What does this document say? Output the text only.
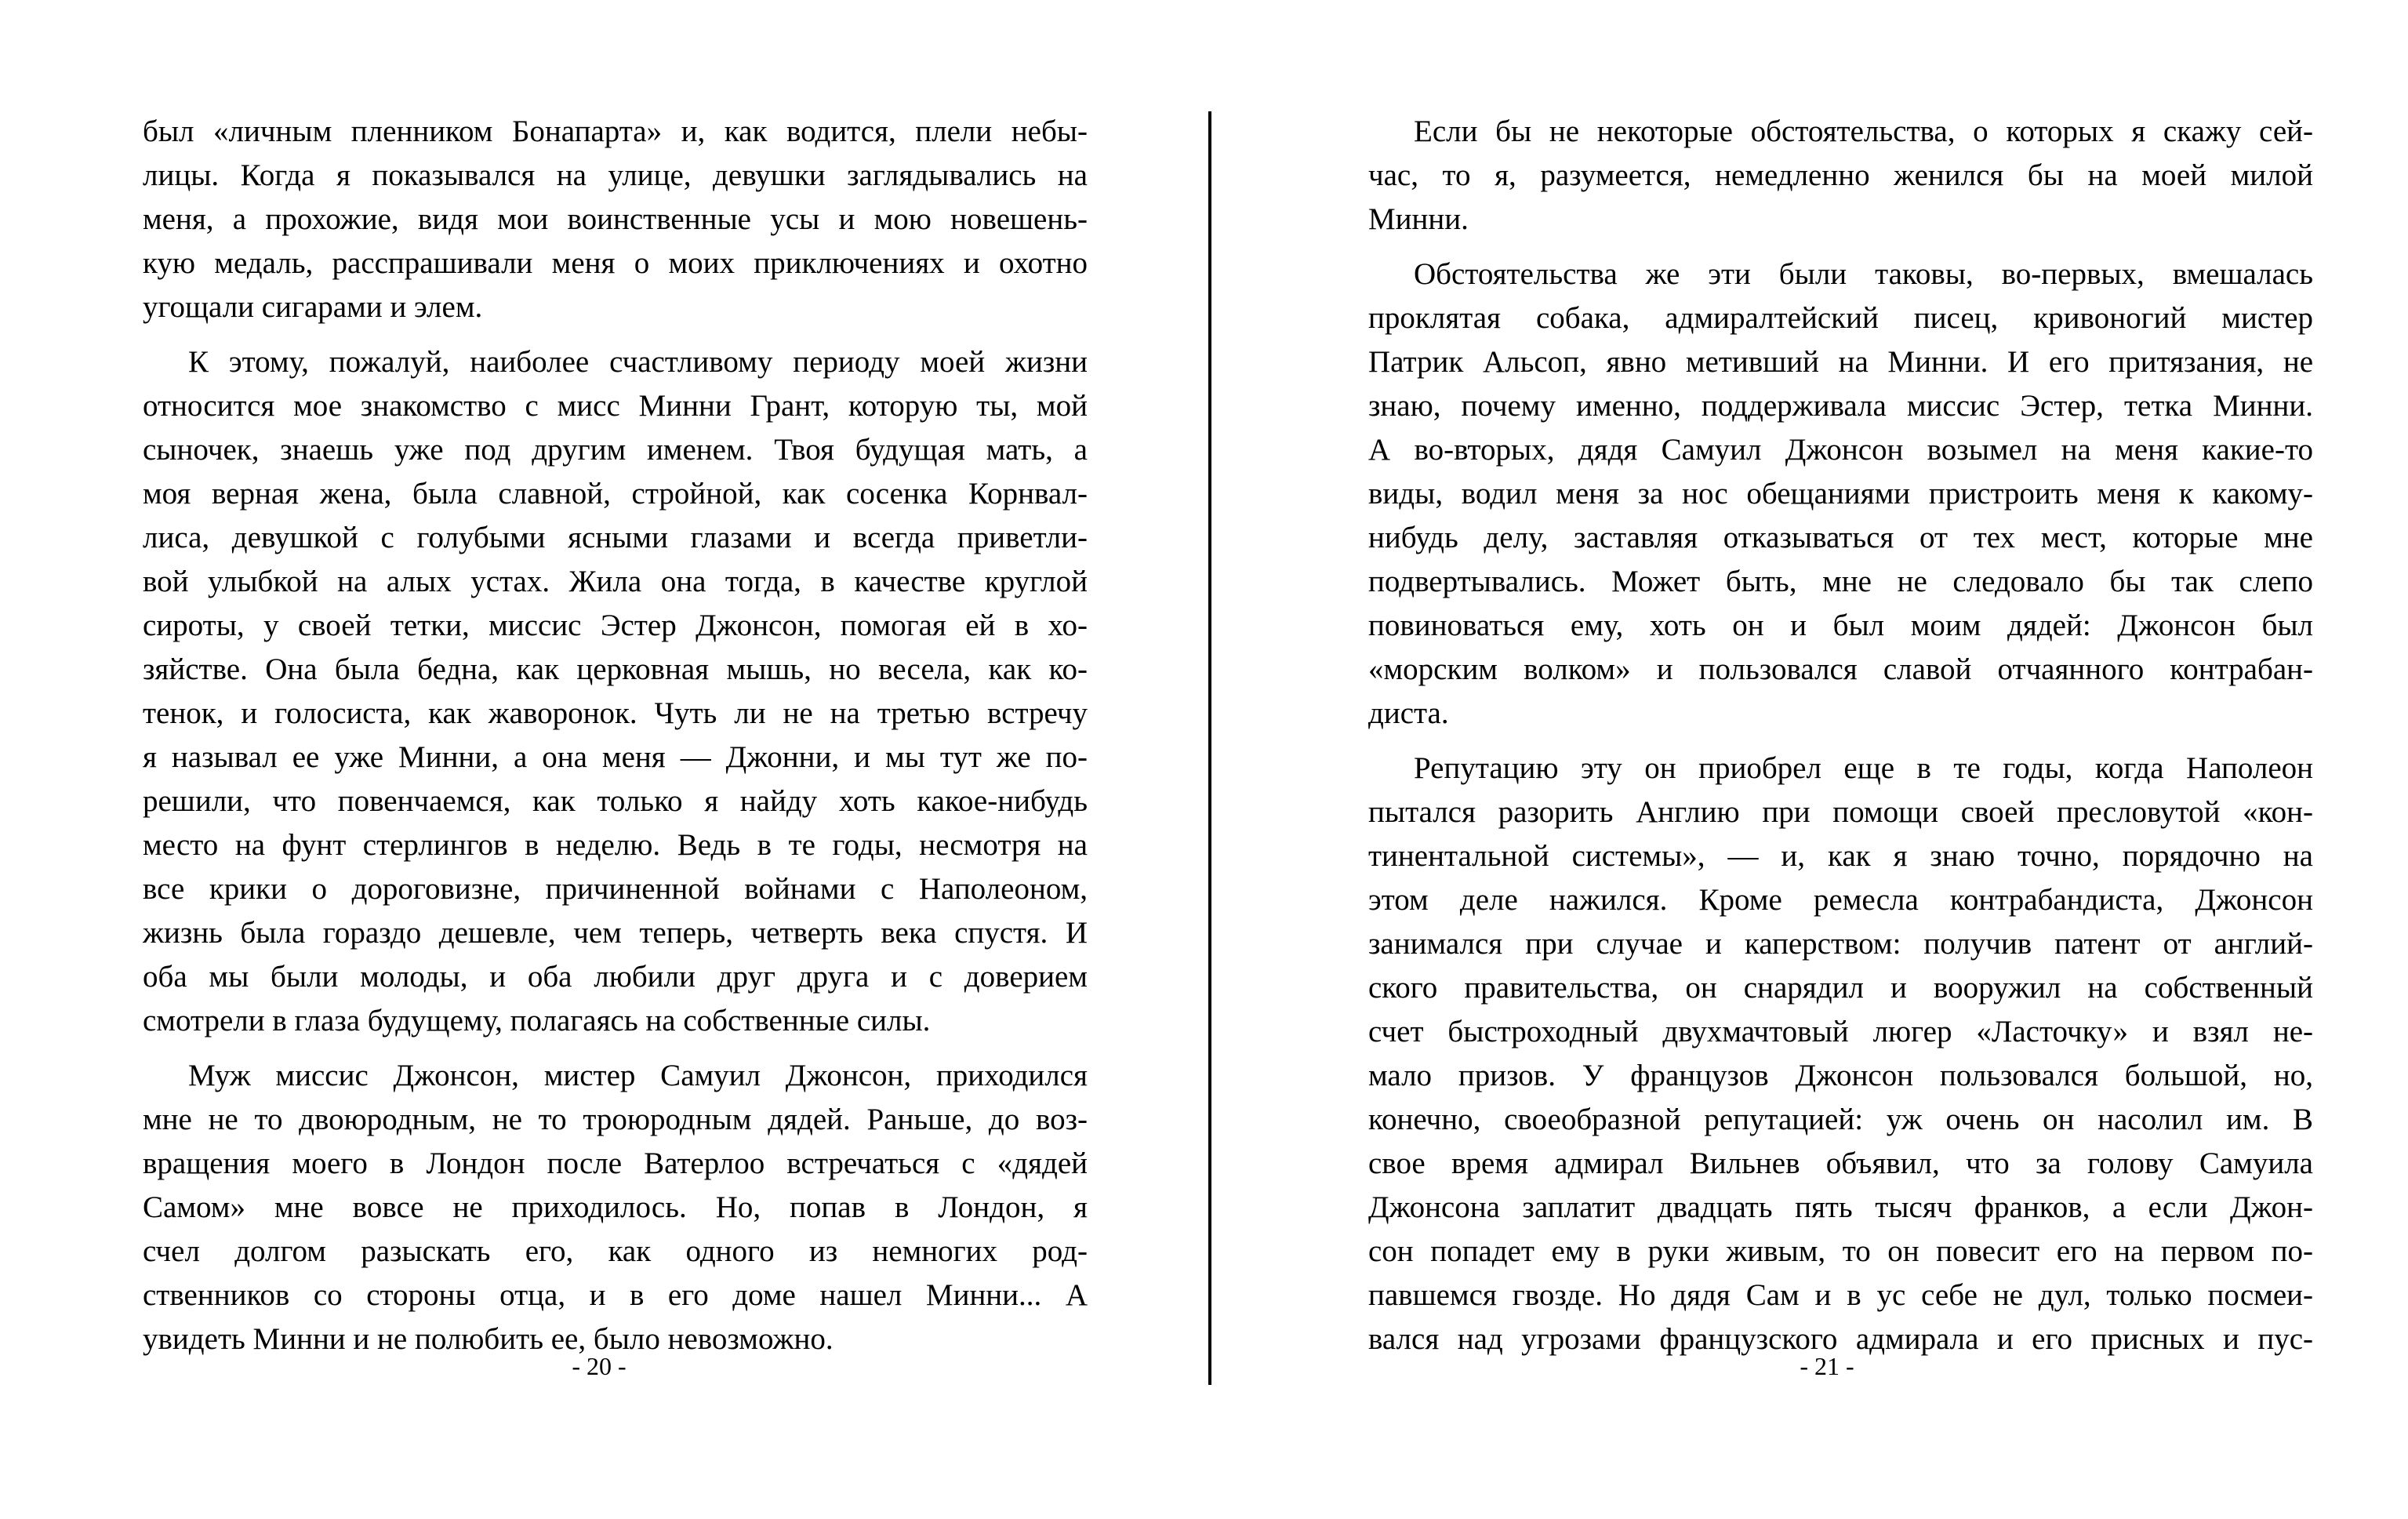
был «личным пленником Бонапарта» и, как водится, плели небы-
лицы. Когда я показывался на улице, девушки заглядывались на
меня, а прохожие, видя мои воинственные усы и мою новешень-
кую медаль, расспрашивали меня о моих приключениях и охотно
угощали сигарами и элем.
К этому, пожалуй, наиболее счастливому периоду моей жизни
относится мое знакомство с мисс Минни Грант, которую ты, мой
сыночек, знаешь уже под другим именем. Твоя будущая мать, а
моя верная жена, была славной, стройной, как сосенка Корнвал-
лиса, девушкой с голубыми ясными глазами и всегда приветли-
вой улыбкой на алых устах. Жила она тогда, в качестве круглой
сироты, у своей тетки, миссис Эстер Джонсон, помогая ей в хо-
зяйстве. Она была бедна, как церковная мышь, но весела, как ко-
тенок, и голосиста, как жаворонок. Чуть ли не на третью встречу
я называл ее уже Минни, а она меня — Джонни, и мы тут же по-
решили, что повенчаемся, как только я найду хоть какое-нибудь
место на фунт стерлингов в неделю. Ведь в те годы, несмотря на
все крики о дороговизне, причиненной войнами с Наполеоном,
жизнь была гораздо дешевле, чем теперь, четверть века спустя. И
оба мы были молоды, и оба любили друг друга и с доверием
смотрели в глаза будущему, полагаясь на собственные силы.
Муж миссис Джонсон, мистер Самуил Джонсон, приходился
мне не то двоюродным, не то троюродным дядей. Раньше, до воз-
вращения моего в Лондон после Ватерлоо встречаться с «дядей
Самом» мне вовсе не приходилось. Но, попав в Лондон, я
счел долгом разыскать его, как одного из немногих род-
ственников со стороны отца, и в его доме нашел Минни... А
увидеть Минни и не полюбить ее, было невозможно.
- 20 -
Если бы не некоторые обстоятельства, о которых я скажу сей-
час, то я, разумеется, немедленно женился бы на моей милой
Минни.
Обстоятельства же эти были таковы, во-первых, вмешалась
проклятая собака, адмиралтейский писец, кривоногий мистер
Патрик Альсоп, явно метивший на Минни. И его притязания, не
знаю, почему именно, поддерживала миссис Эстер, тетка Минни.
А во-вторых, дядя Самуил Джонсон возымел на меня какие-то
виды, водил меня за нос обещаниями пристроить меня к какому-
нибудь делу, заставляя отказываться от тех мест, которые мне
подвертывались. Может быть, мне не следовало бы так слепо
повиноваться ему, хоть он и был моим дядей: Джонсон был
«морским волком» и пользовался славой отчаянного контрабан-
диста.
Репутацию эту он приобрел еще в те годы, когда Наполеон
пытался разорить Англию при помощи своей пресловутой «кон-
тинентальной системы», — и, как я знаю точно, порядочно на
этом деле нажился. Кроме ремесла контрабандиста, Джонсон
занимался при случае и каперством: получив патент от англий-
ского правительства, он снарядил и вооружил на собственный
счет быстроходный двухмачтовый люгер «Ласточку» и взял не-
мало призов. У французов Джонсон пользовался большой, но,
конечно, своеобразной репутацией: уж очень он насолил им. В
свое время адмирал Вильнев объявил, что за голову Самуила
Джонсона заплатит двадцать пять тысяч франков, а если Джон-
сон попадет ему в руки живым, то он повесит его на первом по-
павшемся гвозде. Но дядя Сам и в ус себе не дул, только посмеи-
вался над угрозами французского адмирала и его присных и пус-
- 21 -
